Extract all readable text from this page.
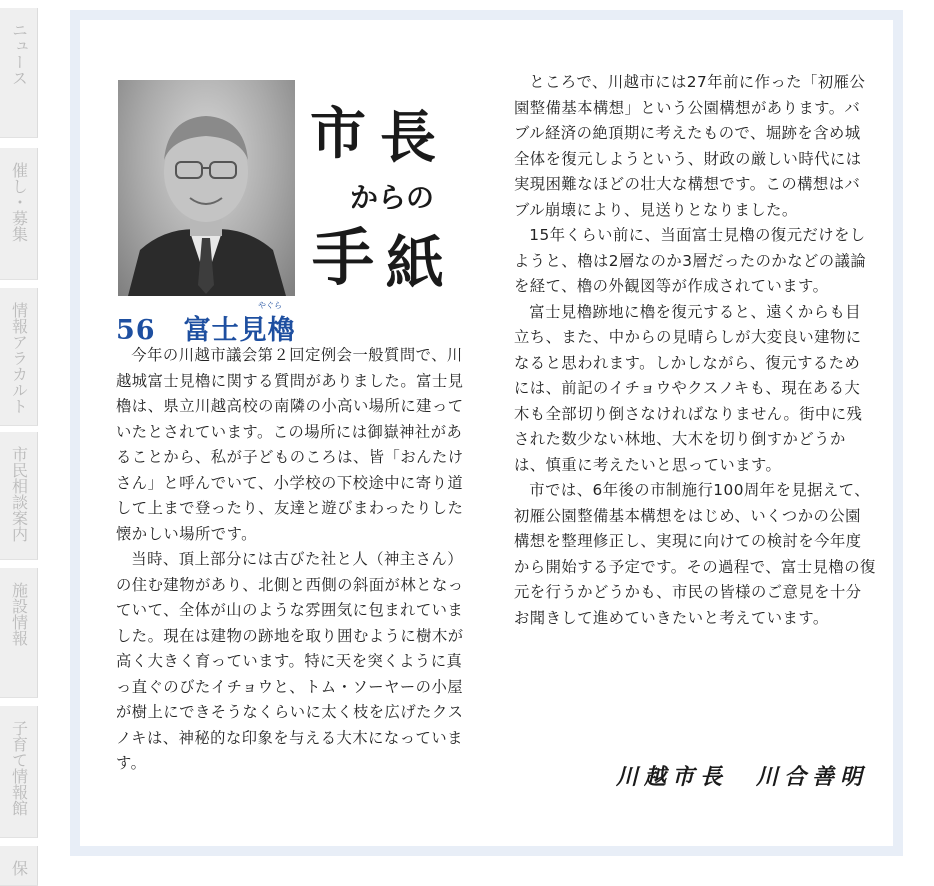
ニュース
催し・募集
情報アラカルト
市民相談案内
施設情報
子育て情報館
保
市 長
からの
手 紙
やぐら
56　富士見櫓

今年の川越市議会第２回定例会一般質問で、川越城富士見櫓に関する質問がありました。富士見櫓は、県立川越高校の南隣の小高い場所に建っていたとされています。この場所には御嶽神社があることから、私が子どものころは、皆「おんたけさん」と呼んでいて、小学校の下校途中に寄り道して上まで登ったり、友達と遊びまわったりした懐かしい場所です。

当時、頂上部分には古びた社と人（神主さん）の住む建物があり、北側と西側の斜面が林となっていて、全体が山のような雰囲気に包まれていました。現在は建物の跡地を取り囲むように樹木が高く大きく育っています。特に天を突くように真っ直ぐのびたイチョウと、トム・ソーヤーの小屋が樹上にできそうなくらいに太く枝を広げたクスノキは、神秘的な印象を与える大木になっています。

ところで、川越市には27年前に作った「初雁公園整備基本構想」という公園構想があります。バブル経済の絶頂期に考えたもので、堀跡を含め城全体を復元しようという、財政の厳しい時代には実現困難なほどの壮大な構想です。この構想はバブル崩壊により、見送りとなりました。

15年くらい前に、当面富士見櫓の復元だけをしようと、櫓は2層なのか3層だったのかなどの議論を経て、櫓の外観図等が作成されています。

富士見櫓跡地に櫓を復元すると、遠くからも目立ち、また、中からの見晴らしが大変良い建物になると思われます。しかしながら、復元するためには、前記のイチョウやクスノキも、現在ある大木も全部切り倒さなければなりません。街中に残された数少ない林地、大木を切り倒すかどうかは、慎重に考えたいと思っています。

市では、6年後の市制施行100周年を見据えて、初雁公園整備基本構想をはじめ、いくつかの公園構想を整理修正し、実現に向けての検討を今年度から開始する予定です。その過程で、富士見櫓の復元を行うかどうかも、市民の皆様のご意見を十分お聞きして進めていきたいと考えています。

川越市長　川合善明
